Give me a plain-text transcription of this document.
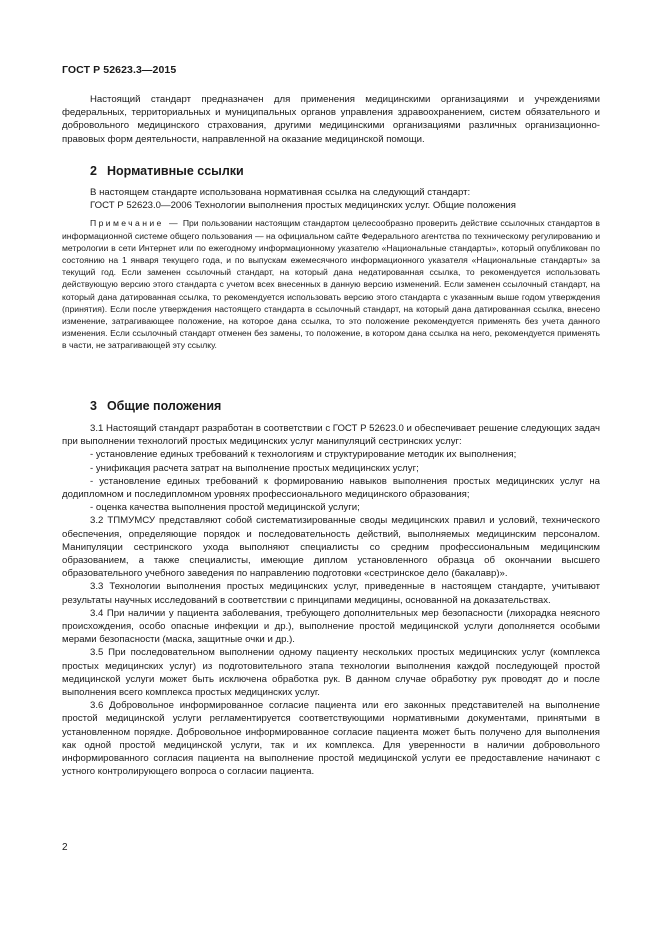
ГОСТ Р 52623.3—2015

Настоящий стандарт предназначен для применения медицинскими организациями и учреждениями федеральных, территориальных и муниципальных органов управления здравоохранением, систем обязательного и добровольного медицинского страхования, другими медицинскими организациями различных организационно-правовых форм деятельности, направленной на оказание медицинской помощи.

2 Нормативные ссылки

В настоящем стандарте использована нормативная ссылка на следующий стандарт:

ГОСТ Р 52623.0—2006 Технологии выполнения простых медицинских услуг. Общие положения

Примечание — При пользовании настоящим стандартом целесообразно проверить действие ссылочных стандартов в информационной системе общего пользования — на официальном сайте Федерального агентства по техническому регулированию и метрологии в сети Интернет или по ежегодному информационному указателю «Национальные стандарты», который опубликован по состоянию на 1 января текущего года, и по выпускам ежемесячного информационного указателя «Национальные стандарты» за текущий год. Если заменен ссылочный стандарт, на который дана недатированная ссылка, то рекомендуется использовать действующую версию этого стандарта с учетом всех внесенных в данную версию изменений. Если заменен ссылочный стандарт, на который дана датированная ссылка, то рекомендуется использовать версию этого стандарта с указанным выше годом утверждения (принятия). Если после утверждения настоящего стандарта в ссылочный стандарт, на который дана датированная ссылка, внесено изменение, затрагивающее положение, на которое дана ссылка, то это положение рекомендуется применять без учета данного изменения. Если ссылочный стандарт отменен без замены, то положение, в котором дана ссылка на него, рекомендуется применять в части, не затрагивающей эту ссылку.

3 Общие положения

3.1 Настоящий стандарт разработан в соответствии с ГОСТ Р 52623.0 и обеспечивает решение следующих задач при выполнении технологий простых медицинских услуг манипуляций сестринских услуг:

- установление единых требований к технологиям и структурирование методик их выполнения;

- унификация расчета затрат на выполнение простых медицинских услуг;

- установление единых требований к формированию навыков выполнения простых медицинских услуг на додипломном и последипломном уровнях профессионального медицинского образования;

- оценка качества выполнения простой медицинской услуги;

3.2 ТПМУМСУ представляют собой систематизированные своды медицинских правил и условий, технического обеспечения, определяющие порядок и последовательность действий, выполняемых медицинским персоналом. Манипуляции сестринского ухода выполняют специалисты со средним профессиональным медицинским образованием, а также специалисты, имеющие диплом установленного образца об окончании высшего образовательного учебного заведения по направлению подготовки «сестринское дело (бакалавр)».

3.3 Технологии выполнения простых медицинских услуг, приведенные в настоящем стандарте, учитывают результаты научных исследований в соответствии с принципами медицины, основанной на доказательствах.

3.4 При наличии у пациента заболевания, требующего дополнительных мер безопасности (лихорадка неясного происхождения, особо опасные инфекции и др.), выполнение простой медицинской услуги дополняется особыми мерами безопасности (маска, защитные очки и др.).

3.5 При последовательном выполнении одному пациенту нескольких простых медицинских услуг (комплекса простых медицинских услуг) из подготовительного этапа технологии выполнения каждой последующей простой медицинской услуги может быть исключена обработка рук. В данном случае обработку рук проводят до и после выполнения всего комплекса простых медицинских услуг.

3.6 Добровольное информированное согласие пациента или его законных представителей на выполнение простой медицинской услуги регламентируется соответствующими нормативными документами, принятыми в установленном порядке. Добровольное информированное согласие пациента может быть получено для выполнения как одной простой медицинской услуги, так и их комплекса. Для уверенности в наличии добровольного информированного согласия пациента на выполнение простой медицинской услуги ее предоставление начинают с устного контролирующего вопроса о согласии пациента.

2
